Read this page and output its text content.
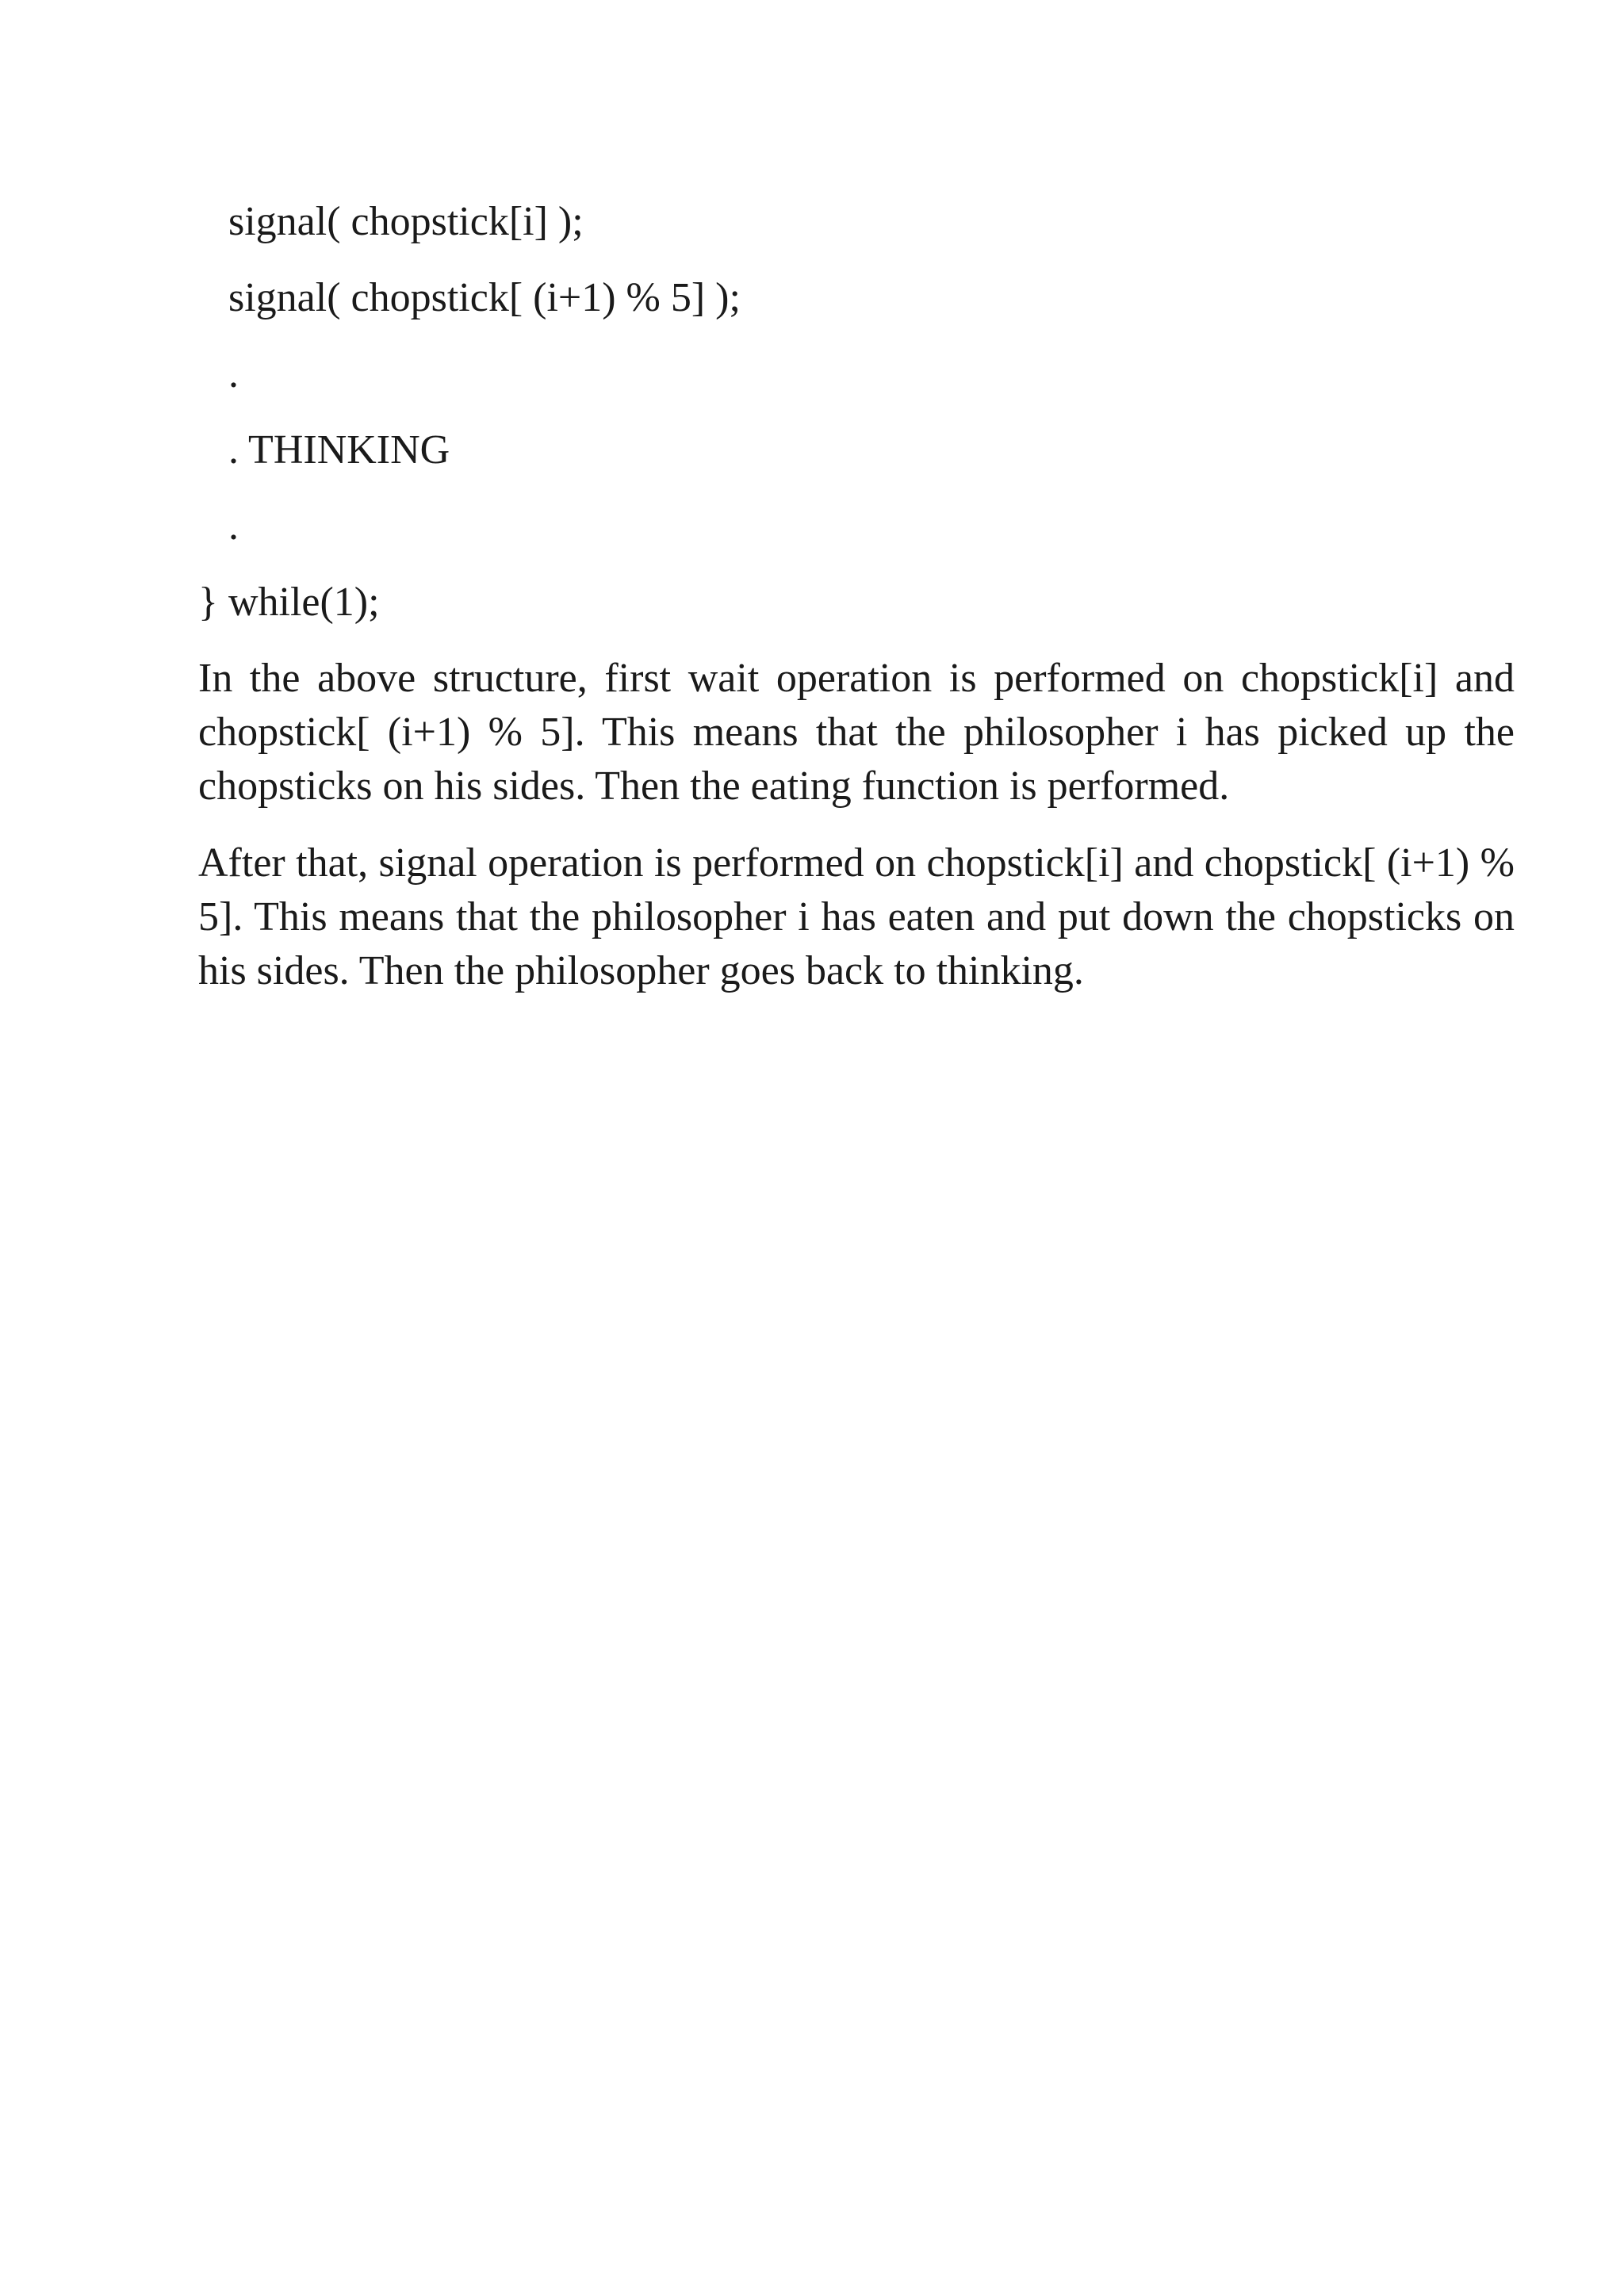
signal( chopstick[i] );

signal( chopstick[ (i+1) % 5] );

.

. THINKING

.

} while(1);

In the above structure, first wait operation is performed on chopstick[i] and chopstick[ (i+1) % 5]. This means that the philosopher i has picked up the chopsticks on his sides. Then the eating function is performed.

After that, signal operation is performed on chopstick[i] and chopstick[ (i+1) % 5]. This means that the philosopher i has eaten and put down the chopsticks on his sides. Then the philosopher goes back to thinking.
